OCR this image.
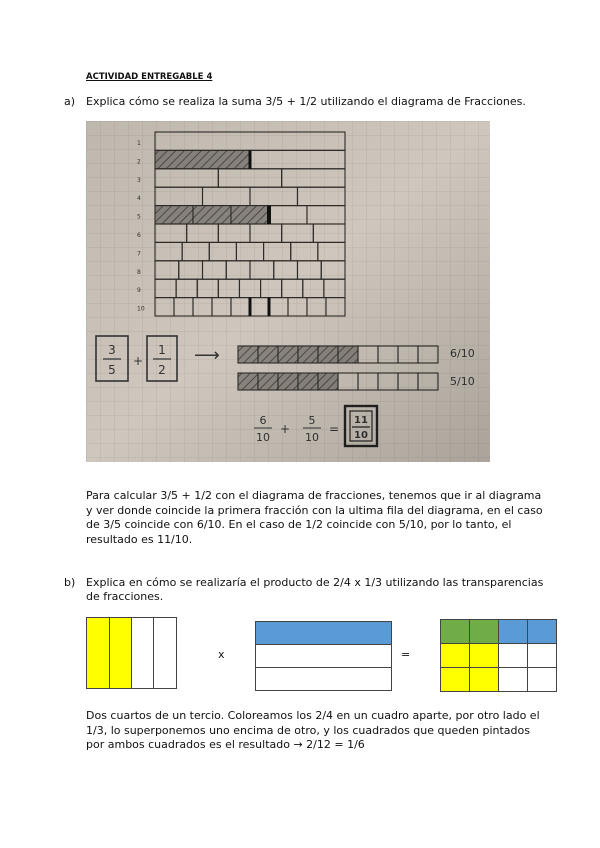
ACTIVIDAD ENTREGABLE 4
a) Explica cómo se realiza la suma 3/5 + 1/2 utilizando el diagrama de Fracciones.
Para calcular 3/5 + 1/2 con el diagrama de fracciones, tenemos que ir al diagrama
y ver donde coincide la primera fracción con la ultima fila del diagrama, en el caso
de 3/5 coincide con 6/10. En el caso de 1/2 coincide con 5/10, por lo tanto, el
resultado es 11/10.
b) Explica en cómo se realizaría el producto de 2/4 x 1/3 utilizando las transparencias
de fracciones.
x	=
Dos cuartos de un tercio. Coloreamos los 2/4 en un cuadro aparte, por otro lado el
1/3, lo superponemos uno encima de otro, y los cuadrados que queden pintados
por ambos cuadrados es el resultado → 2/12 = 1/6
